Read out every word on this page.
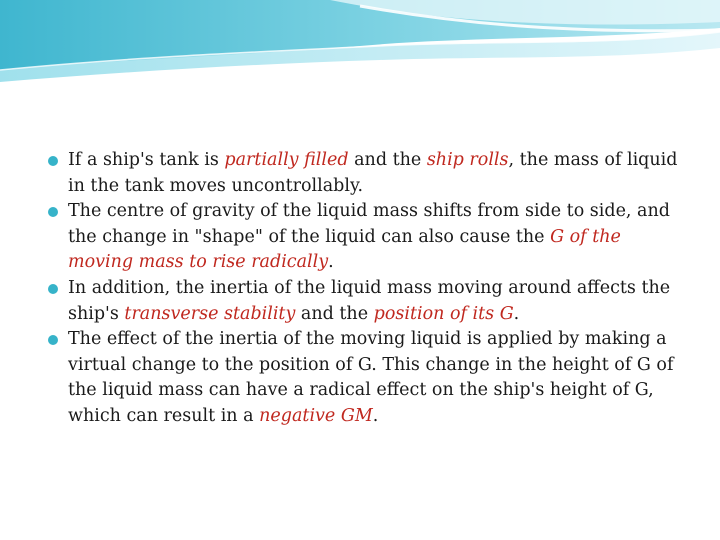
If a ship's tank is partially filled and the ship rolls, the mass of liquid in the tank moves uncontrollably.
The centre of gravity of the liquid mass shifts from side to side, and the change in "shape" of the liquid can also cause the G of the moving mass to rise radically.
In addition, the inertia of the liquid mass moving around affects the ship's transverse stability and the position of its G.
The effect of the inertia of the moving liquid is applied by making a virtual change to the position of G. This change in the height of G of the liquid mass can have a radical effect on the ship's height of G, which can result in a negative GM.
